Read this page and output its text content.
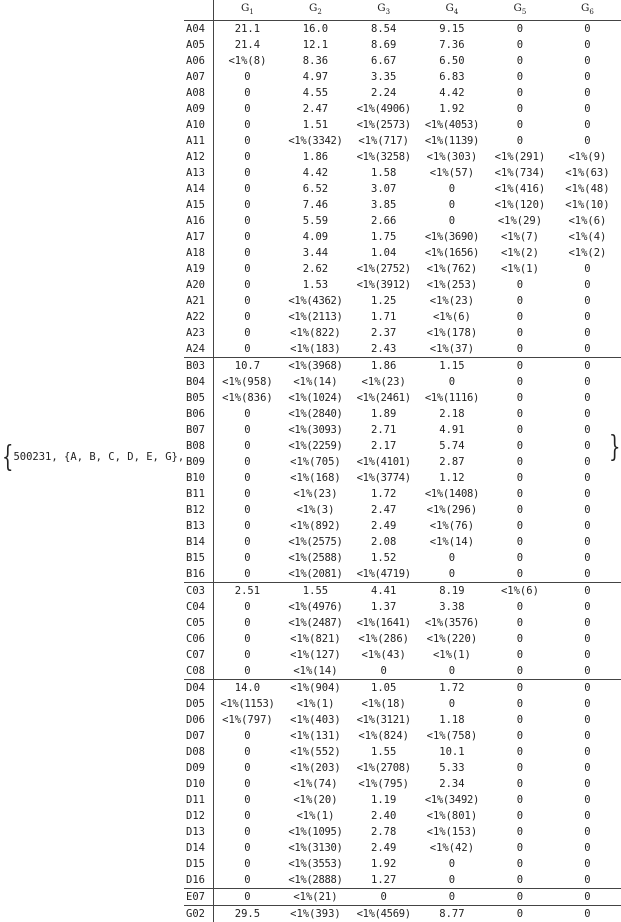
{500231, {A, B, C, D, E, G},
	$G_1$	$G_2$	$G_3$	$G_4$	$G_5$	$G_6$
A04	21.1	16.0	8.54	9.15	0	0
A05	21.4	12.1	8.69	7.36	0	0
A06	<1%(8)	8.36	6.67	6.50	0	0
A07	0	4.97	3.35	6.83	0	0
A08	0	4.55	2.24	4.42	0	0
A09	0	2.47	<1%(4906)	1.92	0	0
A10	0	1.51	<1%(2573)	<1%(4053)	0	0
A11	0	<1%(3342)	<1%(717)	<1%(1139)	0	0
A12	0	1.86	<1%(3258)	<1%(303)	<1%(291)	<1%(9)
A13	0	4.42	1.58	<1%(57)	<1%(734)	<1%(63)
A14	0	6.52	3.07	0	<1%(416)	<1%(48)
A15	0	7.46	3.85	0	<1%(120)	<1%(10)
A16	0	5.59	2.66	0	<1%(29)	<1%(6)
A17	0	4.09	1.75	<1%(3690)	<1%(7)	<1%(4)
A18	0	3.44	1.04	<1%(1656)	<1%(2)	<1%(2)
A19	0	2.62	<1%(2752)	<1%(762)	<1%(1)	0
A20	0	1.53	<1%(3912)	<1%(253)	0	0
A21	0	<1%(4362)	1.25	<1%(23)	0	0
A22	0	<1%(2113)	1.71	<1%(6)	0	0
A23	0	<1%(822)	2.37	<1%(178)	0	0
A24	0	<1%(183)	2.43	<1%(37)	0	0
B03	10.7	<1%(3968)	1.86	1.15	0	0
B04	<1%(958)	<1%(14)	<1%(23)	0	0	0
B05	<1%(836)	<1%(1024)	<1%(2461)	<1%(1116)	0	0
B06	0	<1%(2840)	1.89	2.18	0	0
B07	0	<1%(3093)	2.71	4.91	0	0
B08	0	<1%(2259)	2.17	5.74	0	0
B09	0	<1%(705)	<1%(4101)	2.87	0	0
B10	0	<1%(168)	<1%(3774)	1.12	0	0
B11	0	<1%(23)	1.72	<1%(1408)	0	0
B12	0	<1%(3)	2.47	<1%(296)	0	0
B13	0	<1%(892)	2.49	<1%(76)	0	0
B14	0	<1%(2575)	2.08	<1%(14)	0	0
B15	0	<1%(2588)	1.52	0	0	0
B16	0	<1%(2081)	<1%(4719)	0	0	0
C03	2.51	1.55	4.41	8.19	<1%(6)	0
C04	0	<1%(4976)	1.37	3.38	0	0
C05	0	<1%(2487)	<1%(1641)	<1%(3576)	0	0
C06	0	<1%(821)	<1%(286)	<1%(220)	0	0
C07	0	<1%(127)	<1%(43)	<1%(1)	0	0
C08	0	<1%(14)	0	0	0	0
D04	14.0	<1%(904)	1.05	1.72	0	0
D05	<1%(1153)	<1%(1)	<1%(18)	0	0	0
D06	<1%(797)	<1%(403)	<1%(3121)	1.18	0	0
D07	0	<1%(131)	<1%(824)	<1%(758)	0	0
D08	0	<1%(552)	1.55	10.1	0	0
D09	0	<1%(203)	<1%(2708)	5.33	0	0
D10	0	<1%(74)	<1%(795)	2.34	0	0
D11	0	<1%(20)	1.19	<1%(3492)	0	0
D12	0	<1%(1)	2.40	<1%(801)	0	0
D13	0	<1%(1095)	2.78	<1%(153)	0	0
D14	0	<1%(3130)	2.49	<1%(42)	0	0
D15	0	<1%(3553)	1.92	0	0	0
D16	0	<1%(2888)	1.27	0	0	0
E07	0	<1%(21)	0	0	0	0
G02	29.5	<1%(393)	<1%(4569)	8.77	0	0
}
